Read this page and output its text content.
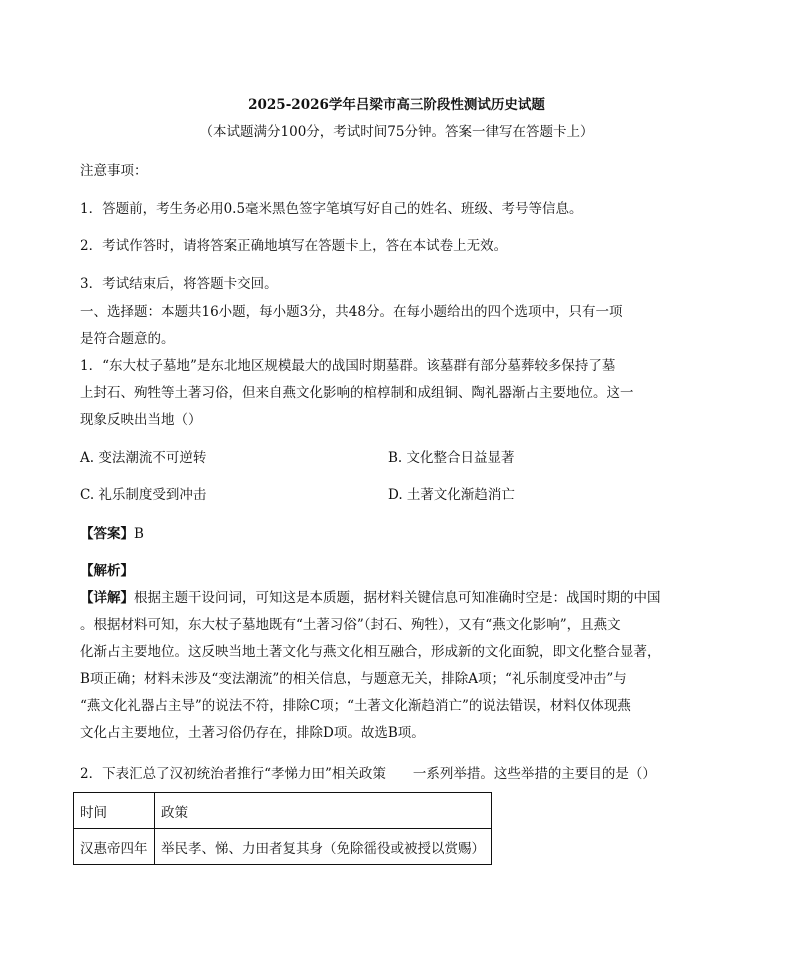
2025-2026学年吕梁市高三阶段性测试历史试题
（本试题满分100分，考试时间75分钟。答案一律写在答题卡上）
注意事项：
1．答题前，考生务必用0.5毫米黑色签字笔填写好自己的姓名、班级、考号等信息。
2．考试作答时，请将答案正确地填写在答题卡上，答在本试卷上无效。
3．考试结束后，将答题卡交回。
一、选择题：本题共16小题，每小题3分，共48分。在每小题给出的四个选项中，只有一项
是符合题意的。
1．“东大杖子墓地”是东北地区规模最大的战国时期墓群。该墓群有部分墓葬较多保持了墓
上封石、殉牲等土著习俗，但来自燕文化影响的棺椁制和成组铜、陶礼器渐占主要地位。这一
现象反映出当地（）
A. 变法潮流不可逆转	B. 文化整合日益显著
C. 礼乐制度受到冲击	D. 土著文化渐趋消亡
【答案】B
【解析】
【详解】根据主题干设问词，可知这是本质题，据材料关键信息可知准确时空是：战国时期的中国
。根据材料可知，东大杖子墓地既有“土著习俗”（封石、殉牲），又有“燕文化影响”，且燕文
化渐占主要地位。这反映当地土著文化与燕文化相互融合，形成新的文化面貌，即文化整合显著，
B项正确；材料未涉及“变法潮流”的相关信息，与题意无关，排除A项；“礼乐制度受冲击”与
“燕文化礼器占主导”的说法不符，排除C项；“土著文化渐趋消亡”的说法错误，材料仅体现燕
文化占主要地位，土著习俗仍存在，排除D项。故选B项。
2．下表汇总了汉初统治者推行“孝悌力田”相关政策　　一系列举措。这些举措的主要目的是（）
时间	政策
汉惠帝四年	举民孝、悌、力田者复其身（免除徭役或被授以赏赐）
